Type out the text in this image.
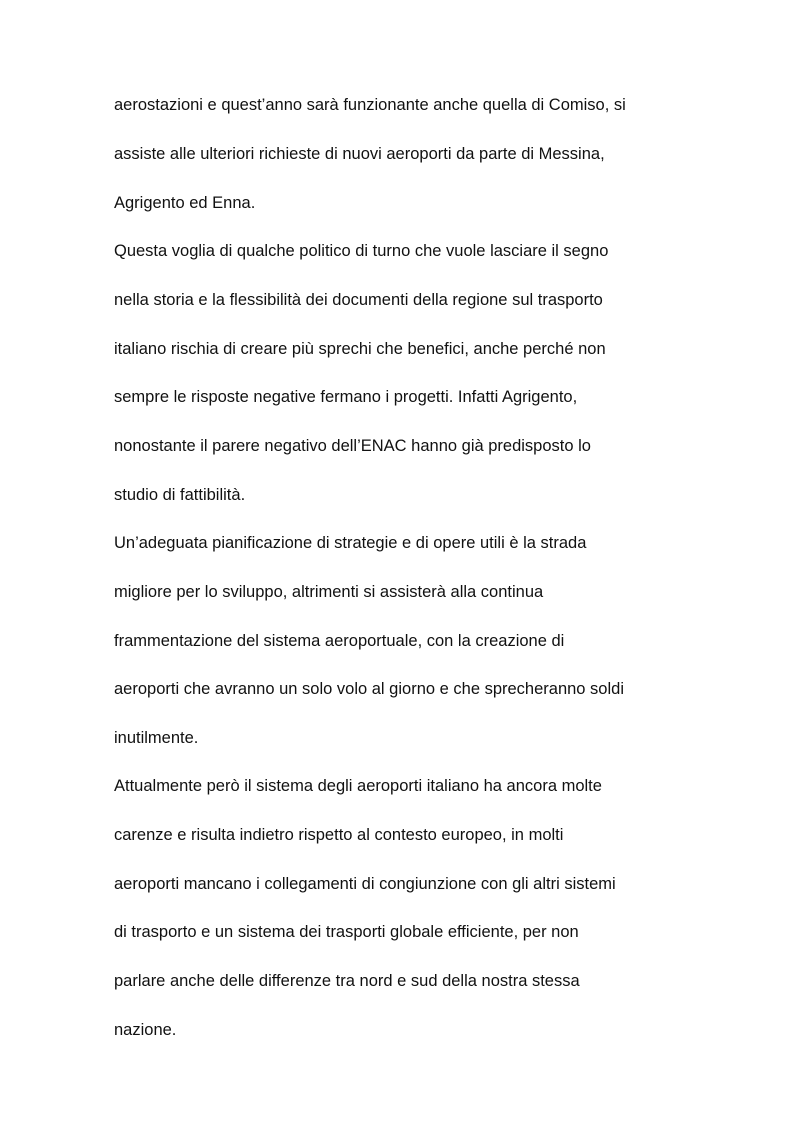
aerostazioni e quest’anno sarà funzionante anche quella di Comiso, si

assiste alle ulteriori richieste di nuovi aeroporti da parte di Messina,

Agrigento ed Enna.

Questa voglia di qualche politico di turno che vuole lasciare il segno

nella storia e la flessibilità dei documenti della regione sul trasporto

italiano rischia di creare più sprechi che benefici, anche perché non

sempre le risposte negative fermano i progetti. Infatti Agrigento,

nonostante il parere negativo dell’ENAC hanno già predisposto lo

studio di fattibilità.

Un’adeguata pianificazione di strategie e di opere utili è la strada

migliore per lo sviluppo, altrimenti si assisterà alla continua

frammentazione del sistema aeroportuale, con la creazione di

aeroporti che avranno un solo volo al giorno e che sprecheranno soldi

inutilmente.

Attualmente però il sistema degli aeroporti italiano ha ancora molte

carenze e risulta indietro rispetto al contesto europeo, in molti

aeroporti mancano i collegamenti di congiunzione con gli altri sistemi

di trasporto e un sistema dei trasporti globale efficiente, per non

parlare anche delle differenze tra nord e sud della nostra stessa

nazione.
